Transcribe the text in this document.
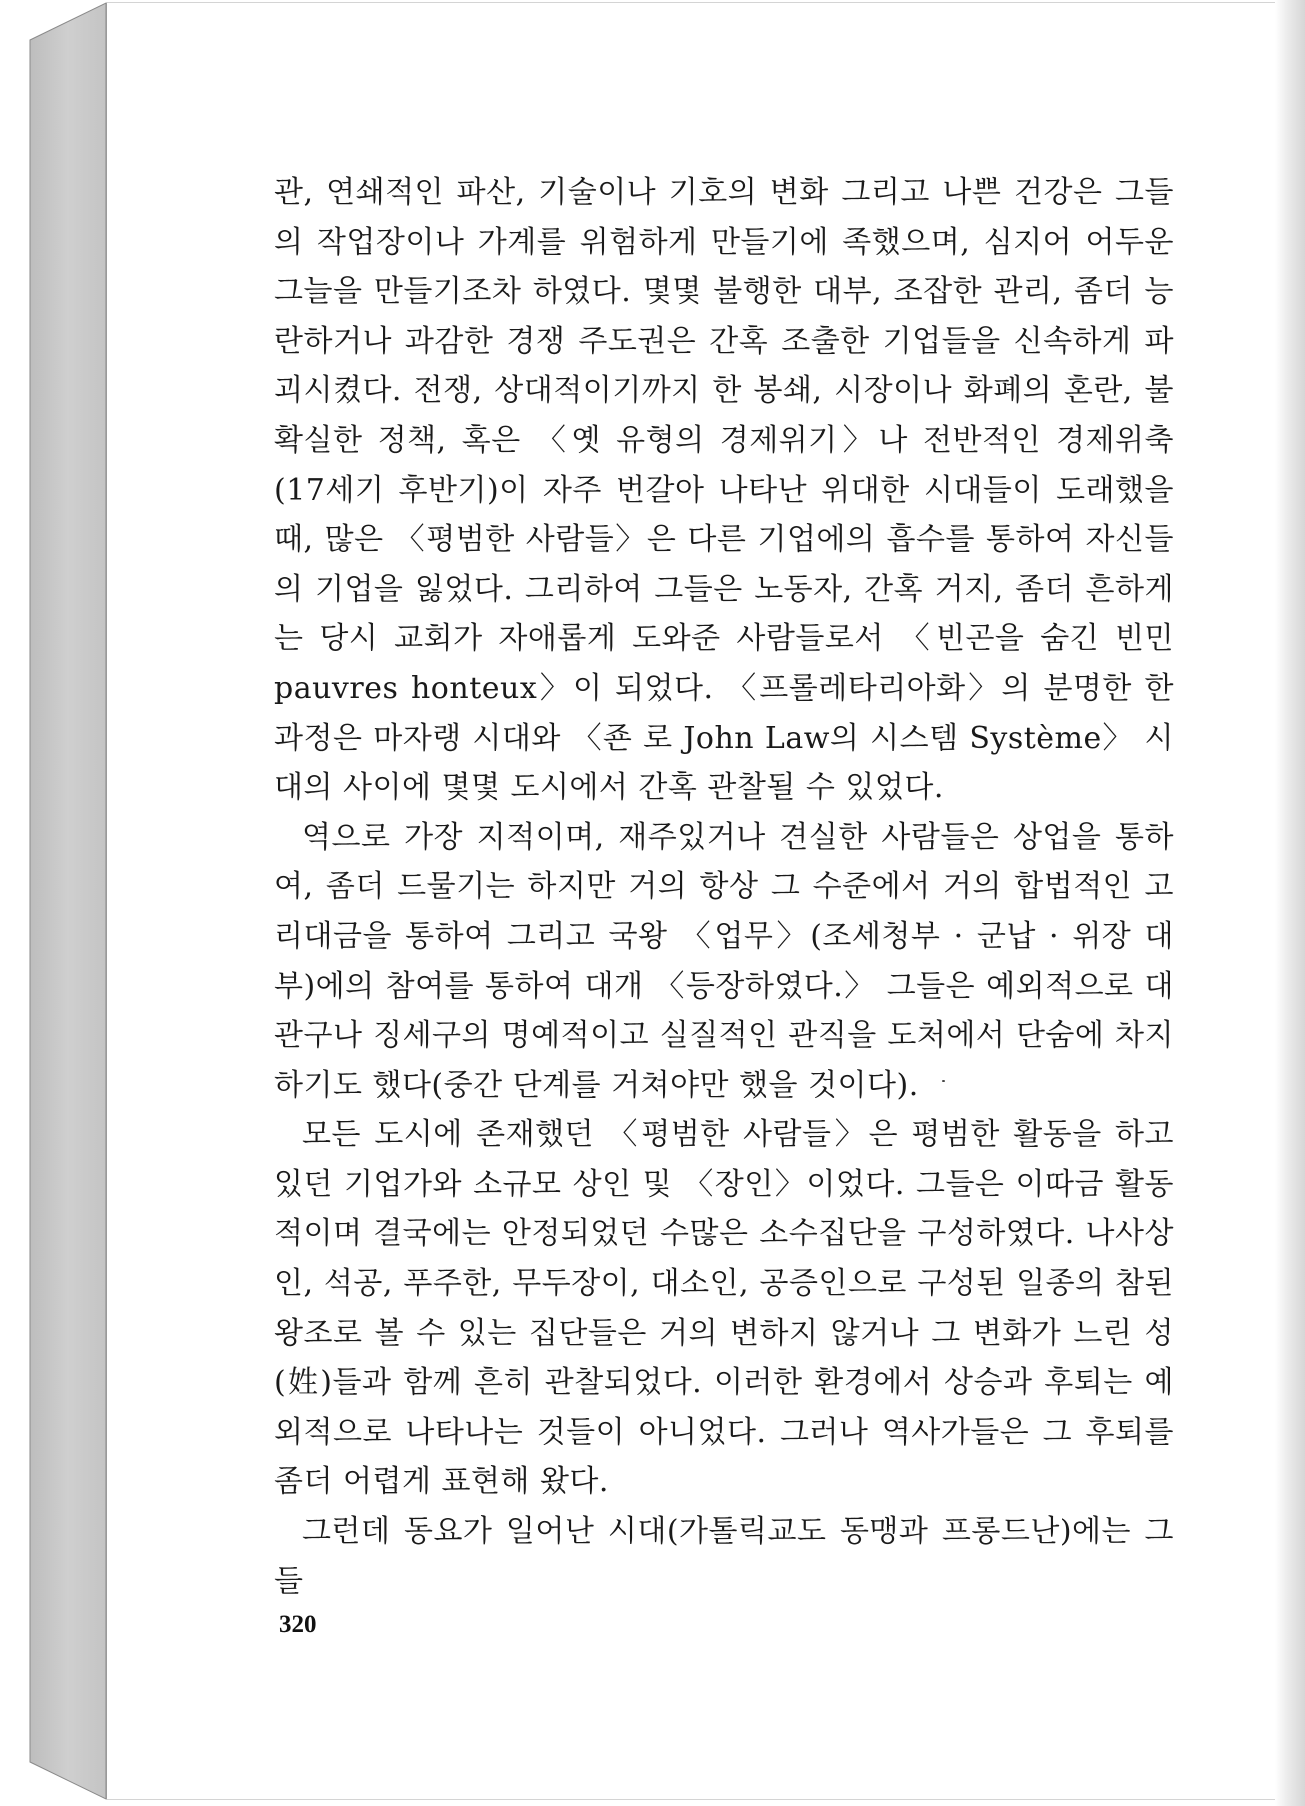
관, 연쇄적인 파산, 기술이나 기호의 변화 그리고 나쁜 건강은 그들의 작업장이나 가계를 위험하게 만들기에 족했으며, 심지어 어두운 그늘을 만들기조차 하였다. 몇몇 불행한 대부, 조잡한 관리, 좀더 능란하거나 과감한 경쟁 주도권은 간혹 조출한 기업들을 신속하게 파괴시켰다. 전쟁, 상대적이기까지 한 봉쇄, 시장이나 화폐의 혼란, 불확실한 정책, 혹은 〈옛 유형의 경제위기〉나 전반적인 경제위축(17세기 후반기)이 자주 번갈아 나타난 위대한 시대들이 도래했을 때, 많은 〈평범한 사람들〉은 다른 기업에의 흡수를 통하여 자신들의 기업을 잃었다. 그리하여 그들은 노동자, 간혹 거지, 좀더 흔하게는 당시 교회가 자애롭게 도와준 사람들로서 〈빈곤을 숨긴 빈민 pauvres honteux〉이 되었다. 〈프롤레타리아화〉의 분명한 한 과정은 마자랭 시대와 〈죤 로 John Law의 시스템 Système〉 시대의 사이에 몇몇 도시에서 간혹 관찰될 수 있었다.

역으로 가장 지적이며, 재주있거나 견실한 사람들은 상업을 통하여, 좀더 드물기는 하지만 거의 항상 그 수준에서 거의 합법적인 고리대금을 통하여 그리고 국왕 〈업무〉(조세청부 · 군납 · 위장 대부)에의 참여를 통하여 대개 〈등장하였다.〉 그들은 예외적으로 대관구나 징세구의 명예적이고 실질적인 관직을 도처에서 단숨에 차지하기도 했다(중간 단계를 거쳐야만 했을 것이다).

모든 도시에 존재했던 〈평범한 사람들〉은 평범한 활동을 하고 있던 기업가와 소규모 상인 및 〈장인〉이었다. 그들은 이따금 활동적이며 결국에는 안정되었던 수많은 소수집단을 구성하였다. 나사상인, 석공, 푸주한, 무두장이, 대소인, 공증인으로 구성된 일종의 참된 왕조로 볼 수 있는 집단들은 거의 변하지 않거나 그 변화가 느린 성(姓)들과 함께 흔히 관찰되었다. 이러한 환경에서 상승과 후퇴는 예외적으로 나타나는 것들이 아니었다. 그러나 역사가들은 그 후퇴를 좀더 어렵게 표현해 왔다.

그런데 동요가 일어난 시대(가톨릭교도 동맹과 프롱드난)에는 그들

320
